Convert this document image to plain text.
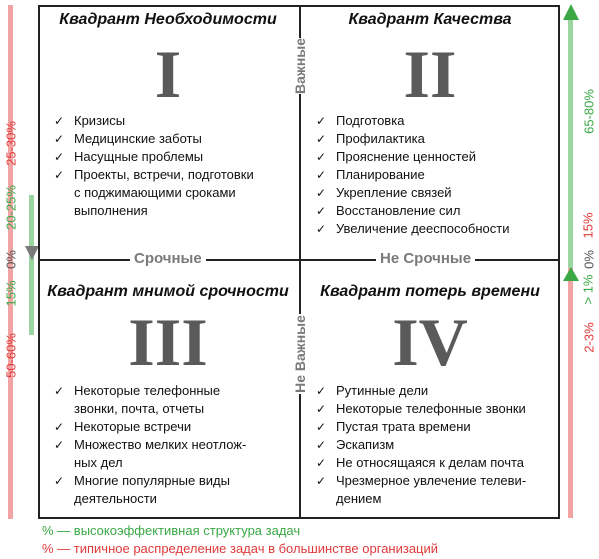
25-30%
20-25%
0%
15%
50-60%
65-80%
15%
0%
> 1%
2-3%
Срочные	Не Срочные
Важные
Не Важные
Квадрант Необходимости
I
✓ Кризисы
✓ Медицинские заботы
✓ Насущные проблемы
✓ Проекты, встречи, подготовки
с поджимающими сроками
выполнения
Квадрант Качества
II
✓ Подготовка
✓ Профилактика
✓ Прояснение ценностей
✓ Планирование
✓ Укрепление связей
✓ Восстановление сил
✓ Увеличение дееспособности
Квадрант мнимой срочности
III
✓ Некоторые телефонные
звонки, почта, отчеты
✓ Некоторые встречи
✓ Множество мелких неотлож-
ных дел
✓ Многие популярные виды
деятельности
Квадрант потерь времени
IV
✓ Рутинные дели
✓ Некоторые телефонные звонки
✓ Пустая трата времени
✓ Эскапизм
✓ Не относящаяся к делам почта
✓ Чрезмерное увлечение телеви-
дением
% — высокоэффективная структура задач
% — типичное распределение задач в большинстве организаций
